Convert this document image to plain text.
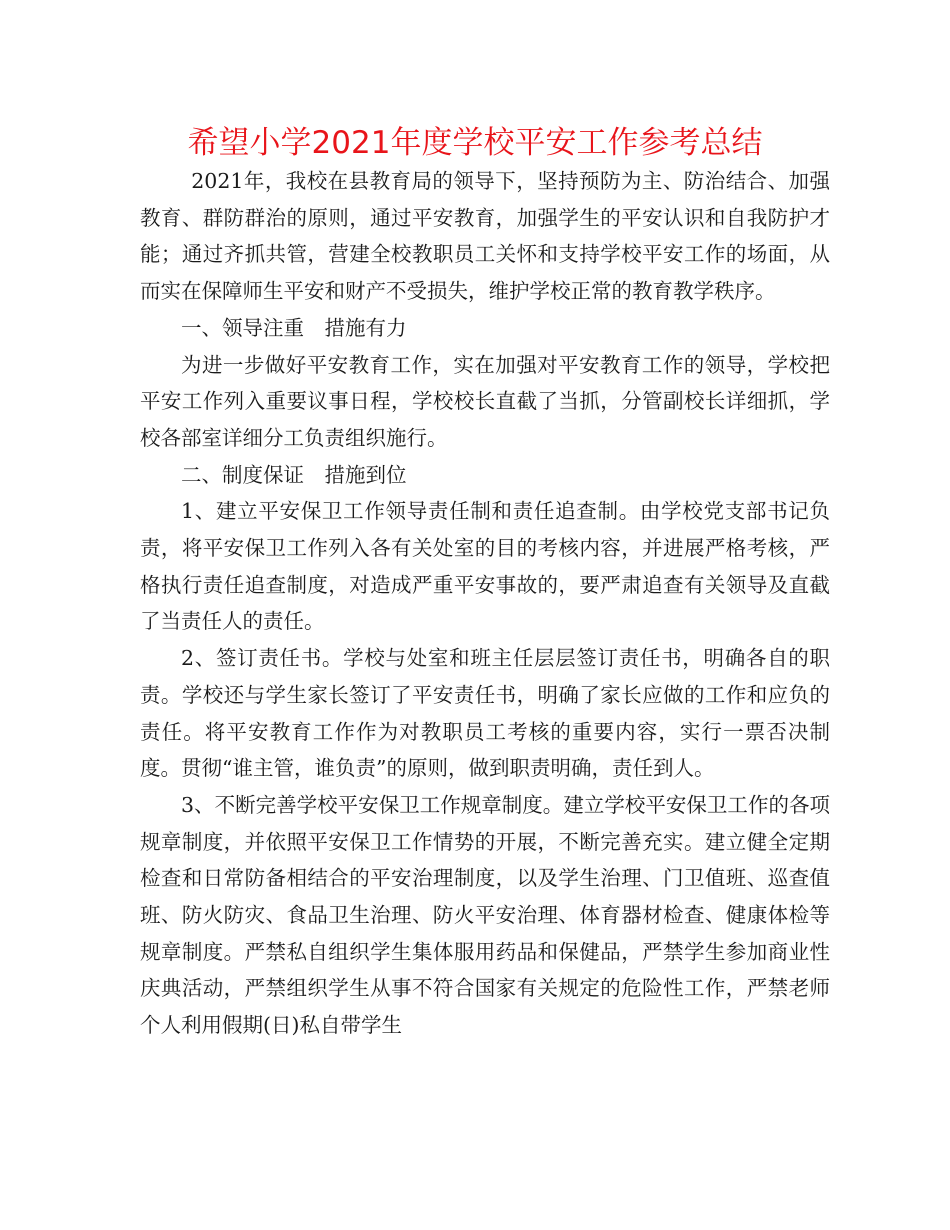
希望小学2021年度学校平安工作参考总结

2021年，我校在县教育局的领导下，坚持预防为主、防治结合、加强教育、群防群治的原则，通过平安教育，加强学生的平安认识和自我防护才能；通过齐抓共管，营建全校教职员工关怀和支持学校平安工作的场面，从而实在保障师生平安和财产不受损失，维护学校正常的教育教学秩序。

一、领导注重　措施有力

为进一步做好平安教育工作，实在加强对平安教育工作的领导，学校把平安工作列入重要议事日程，学校校长直截了当抓，分管副校长详细抓，学校各部室详细分工负责组织施行。

二、制度保证　措施到位

1、建立平安保卫工作领导责任制和责任追查制。由学校党支部书记负责，将平安保卫工作列入各有关处室的目的考核内容，并进展严格考核，严格执行责任追查制度，对造成严重平安事故的，要严肃追查有关领导及直截了当责任人的责任。

2、签订责任书。学校与处室和班主任层层签订责任书，明确各自的职责。学校还与学生家长签订了平安责任书，明确了家长应做的工作和应负的责任。将平安教育工作作为对教职员工考核的重要内容，实行一票否决制度。贯彻“谁主管，谁负责”的原则，做到职责明确，责任到人。

3、不断完善学校平安保卫工作规章制度。建立学校平安保卫工作的各项规章制度，并依照平安保卫工作情势的开展，不断完善充实。建立健全定期检查和日常防备相结合的平安治理制度，以及学生治理、门卫值班、巡查值班、防火防灾、食品卫生治理、防火平安治理、体育器材检查、健康体检等规章制度。严禁私自组织学生集体服用药品和保健品，严禁学生参加商业性庆典活动，严禁组织学生从事不符合国家有关规定的危险性工作，严禁老师个人利用假期(日)私自带学生
